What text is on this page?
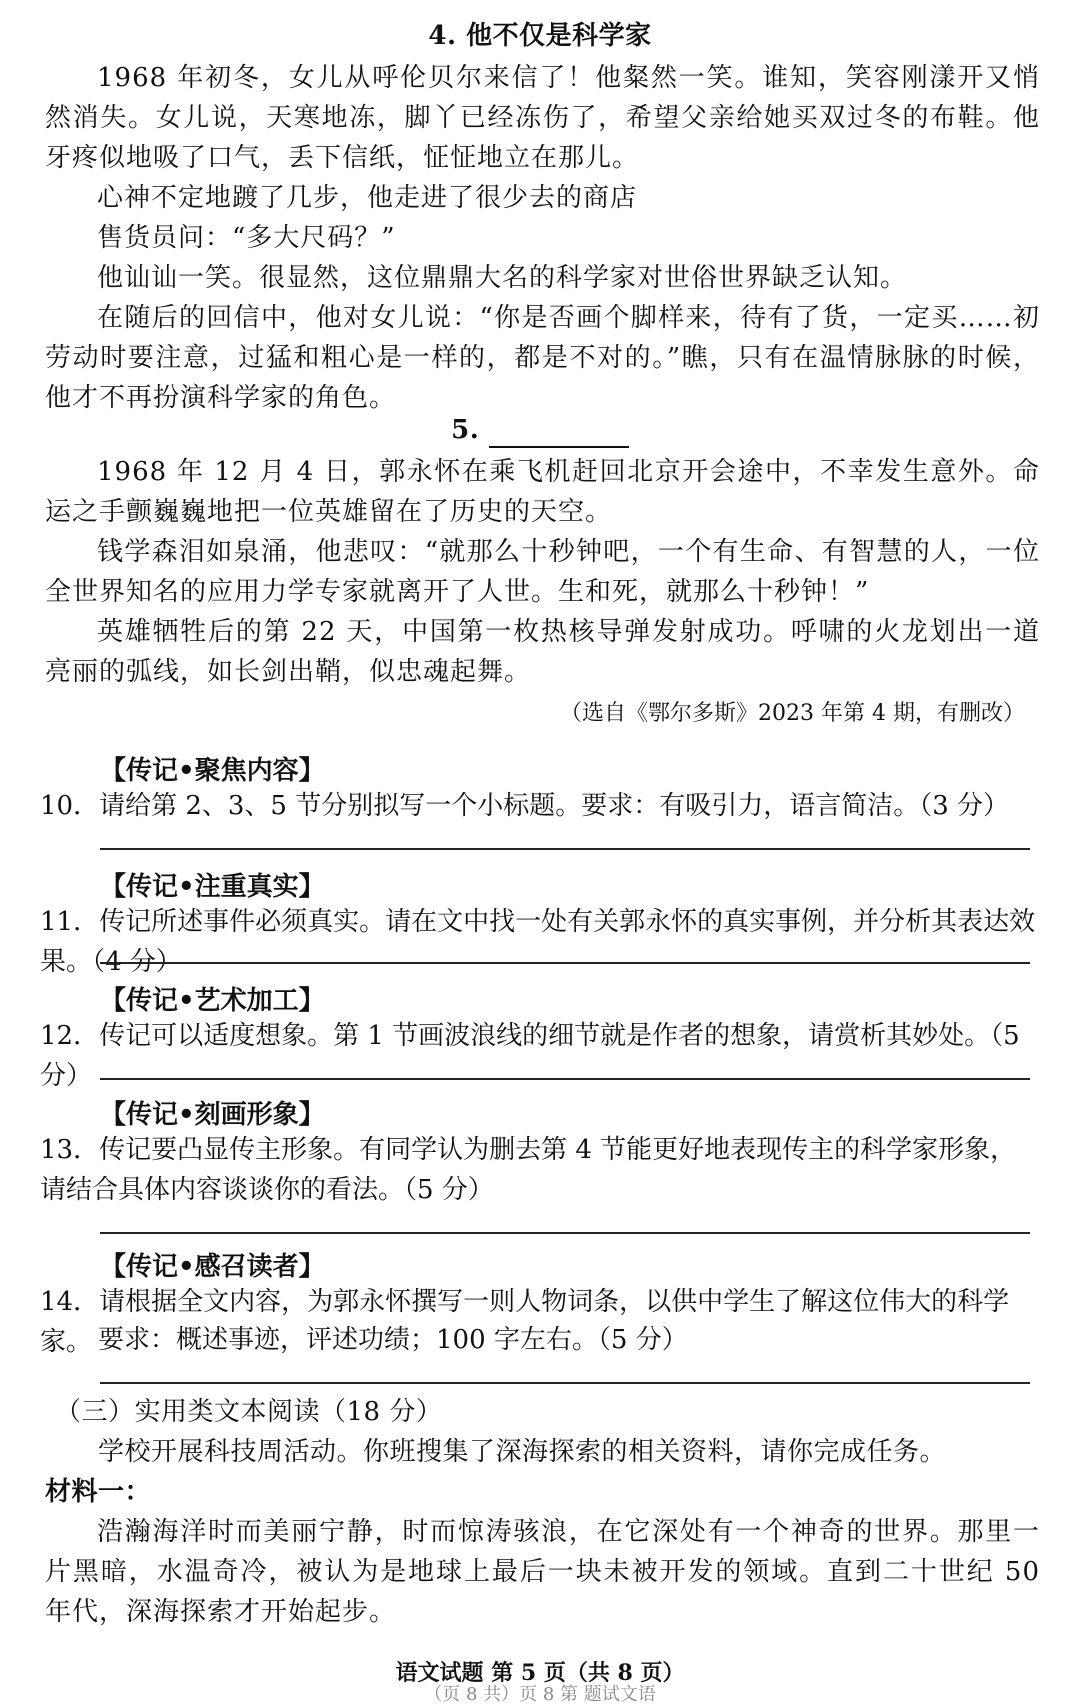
4. 他不仅是科学家
1968 年初冬，女儿从呼伦贝尔来信了！他粲然一笑。谁知，笑容刚漾开又悄然消失。女儿说，天寒地冻，脚丫已经冻伤了，希望父亲给她买双过冬的布鞋。他牙疼似地吸了口气，丢下信纸，怔怔地立在那儿。
心神不定地踱了几步，他走进了很少去的商店
售货员问：“多大尺码？”
他讪讪一笑。很显然，这位鼎鼎大名的科学家对世俗世界缺乏认知。
在随后的回信中，他对女儿说：“你是否画个脚样来，待有了货，一定买……初劳动时要注意，过猛和粗心是一样的，都是不对的。”瞧，只有在温情脉脉的时候，他才不再扮演科学家的角色。
5.
1968 年 12 月 4 日，郭永怀在乘飞机赶回北京开会途中，不幸发生意外。命运之手颤巍巍地把一位英雄留在了历史的天空。
钱学森泪如泉涌，他悲叹：“就那么十秒钟吧，一个有生命、有智慧的人，一位全世界知名的应用力学专家就离开了人世。生和死，就那么十秒钟！”
英雄牺牲后的第 22 天，中国第一枚热核导弹发射成功。呼啸的火龙划出一道亮丽的弧线，如长剑出鞘，似忠魂起舞。
（选自《鄂尔多斯》2023 年第 4 期，有删改）
【传记•聚焦内容】
10．请给第 2、3、5 节分别拟写一个小标题。要求：有吸引力，语言简洁。（3 分）
【传记•注重真实】
11．传记所述事件必须真实。请在文中找一处有关郭永怀的真实事例，并分析其表达效果。（4 分）
【传记•艺术加工】
12．传记可以适度想象。第 1 节画波浪线的细节就是作者的想象，请赏析其妙处。（5 分）
【传记•刻画形象】
13．传记要凸显传主形象。有同学认为删去第 4 节能更好地表现传主的科学家形象，请结合具体内容谈谈你的看法。（5 分）
【传记•感召读者】
14．请根据全文内容，为郭永怀撰写一则人物词条，以供中学生了解这位伟大的科学家。 要求：概述事迹，评述功绩；100 字左右。（5 分）
（三）实用类文本阅读（18 分）
学校开展科技周活动。你班搜集了深海探索的相关资料，请你完成任务。
材料一：
浩瀚海洋时而美丽宁静，时而惊涛骇浪，在它深处有一个神奇的世界。那里一片黑暗，水温奇冷，被认为是地球上最后一块未被开发的领域。直到二十世纪 50 年代，深海探索才开始起步。
语文试题 第 5 页（共 8 页）
（页 8 共）页 8 第 题试文语
